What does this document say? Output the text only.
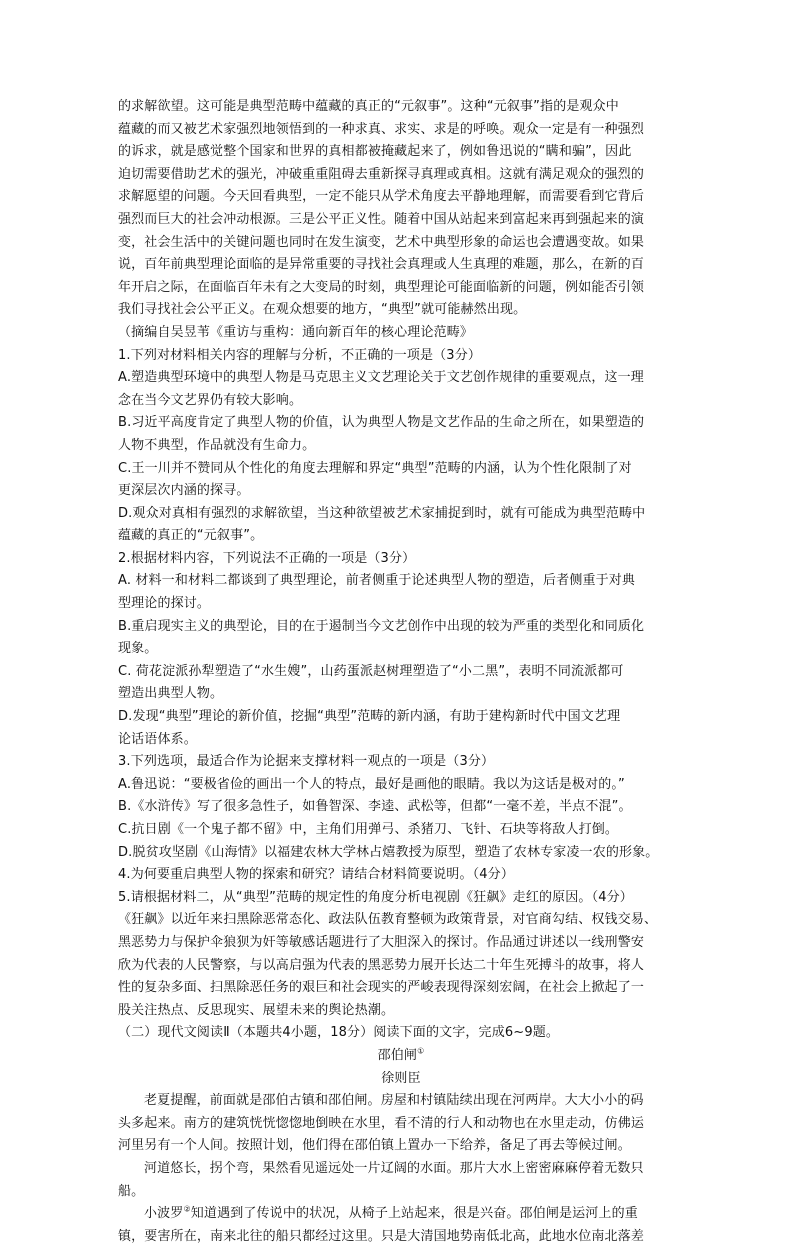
的求解欲望。这可能是典型范畴中蕴藏的真正的“元叙事”。这种“元叙事”指的是观众中
蕴藏的而又被艺术家强烈地领悟到的一种求真、求实、求是的呼唤。观众一定是有一种强烈
的诉求，就是感觉整个国家和世界的真相都被掩藏起来了，例如鲁迅说的“瞒和骗”，因此
迫切需要借助艺术的强光，冲破重重阻碍去重新探寻真理或真相。这就有满足观众的强烈的
求解愿望的问题。今天回看典型，一定不能只从学术角度去平静地理解，而需要看到它背后
强烈而巨大的社会冲动根源。三是公平正义性。随着中国从站起来到富起来再到强起来的演
变，社会生活中的关键问题也同时在发生演变，艺术中典型形象的命运也会遭遇变故。如果
说，百年前典型理论面临的是异常重要的寻找社会真理或人生真理的难题，那么，在新的百
年开启之际，在面临百年未有之大变局的时刻，典型理论可能面临新的问题，例如能否引领
我们寻找社会公平正义。在观众想要的地方，“典型”就可能赫然出现。
（摘编自吴昱苇《重访与重构：通向新百年的核心理论范畴》
1.下列对材料相关内容的理解与分析，不正确的一项是（3分）
A.塑造典型环境中的典型人物是马克思主义文艺理论关于文艺创作规律的重要观点，这一理
念在当今文艺界仍有较大影响。
B.习近平高度肯定了典型人物的价值，认为典型人物是文艺作品的生命之所在，如果塑造的
人物不典型，作品就没有生命力。
C.王一川并不赞同从个性化的角度去理解和界定“典型”范畴的内涵，认为个性化限制了对
更深层次内涵的探寻。
D.观众对真相有强烈的求解欲望，当这种欲望被艺术家捕捉到时，就有可能成为典型范畴中
蕴藏的真正的“元叙事”。
2.根据材料内容，下列说法不正确的一项是（3分）
A. 材料一和材料二都谈到了典型理论，前者侧重于论述典型人物的塑造，后者侧重于对典
型理论的探讨。
B.重启现实主义的典型论，目的在于遏制当今文艺创作中出现的较为严重的类型化和同质化
现象。
C. 荷花淀派孙犁塑造了“水生嫂”，山药蛋派赵树理塑造了“小二黑”，表明不同流派都可
塑造出典型人物。
D.发现“典型”理论的新价值，挖掘“典型”范畴的新内涵，有助于建构新时代中国文艺理
论话语体系。
3.下列选项，最适合作为论据来支撑材料一观点的一项是（3分）
A.鲁迅说：“要极省俭的画出一个人的特点，最好是画他的眼睛。我以为这话是极对的。”
B.《水浒传》写了很多急性子，如鲁智深、李逵、武松等，但都“一毫不差，半点不混”。
C.抗日剧《一个鬼子都不留》中，主角们用弹弓、杀猪刀、飞针、石块等将敌人打倒。
D.脱贫攻坚剧《山海情》以福建农林大学林占熺教授为原型，塑造了农林专家凌一农的形象。
4.为何要重启典型人物的探索和研究？请结合材料简要说明。（4分）
5.请根据材料二，从“典型”范畴的规定性的角度分析电视剧《狂飙》走红的原因。（4分）
《狂飙》以近年来扫黑除恶常态化、政法队伍教育整顿为政策背景，对官商勾结、权钱交易、
黑恶势力与保护伞狼狈为奸等敏感话题进行了大胆深入的探讨。作品通过讲述以一线刑警安
欣为代表的人民警察，与以高启强为代表的黑恶势力展开长达二十年生死搏斗的故事，将人
性的复杂多面、扫黑除恶任务的艰巨和社会现实的严峻表现得深刻宏阔，在社会上掀起了一
股关注热点、反思现实、展望未来的舆论热潮。
（二）现代文阅读Ⅱ（本题共4小题，18分）阅读下面的文字，完成6~9题。
邵伯闸①
徐则臣
老夏提醒，前面就是邵伯古镇和邵伯闸。房屋和村镇陆续出现在河两岸。大大小小的码
头多起来。南方的建筑恍恍惚惚地倒映在水里，看不清的行人和动物也在水里走动，仿佛运
河里另有一个人间。按照计划，他们得在邵伯镇上置办一下给养，备足了再去等候过闸。
河道悠长，拐个弯，果然看见遥远处一片辽阔的水面。那片大水上密密麻麻停着无数只
船。
小波罗②知道遇到了传说中的状况，从椅子上站起来，很是兴奋。邵伯闸是运河上的重
镇，要害所在，南来北往的船只都经过这里。只是大清国地势南低北高，此地水位南北落差
